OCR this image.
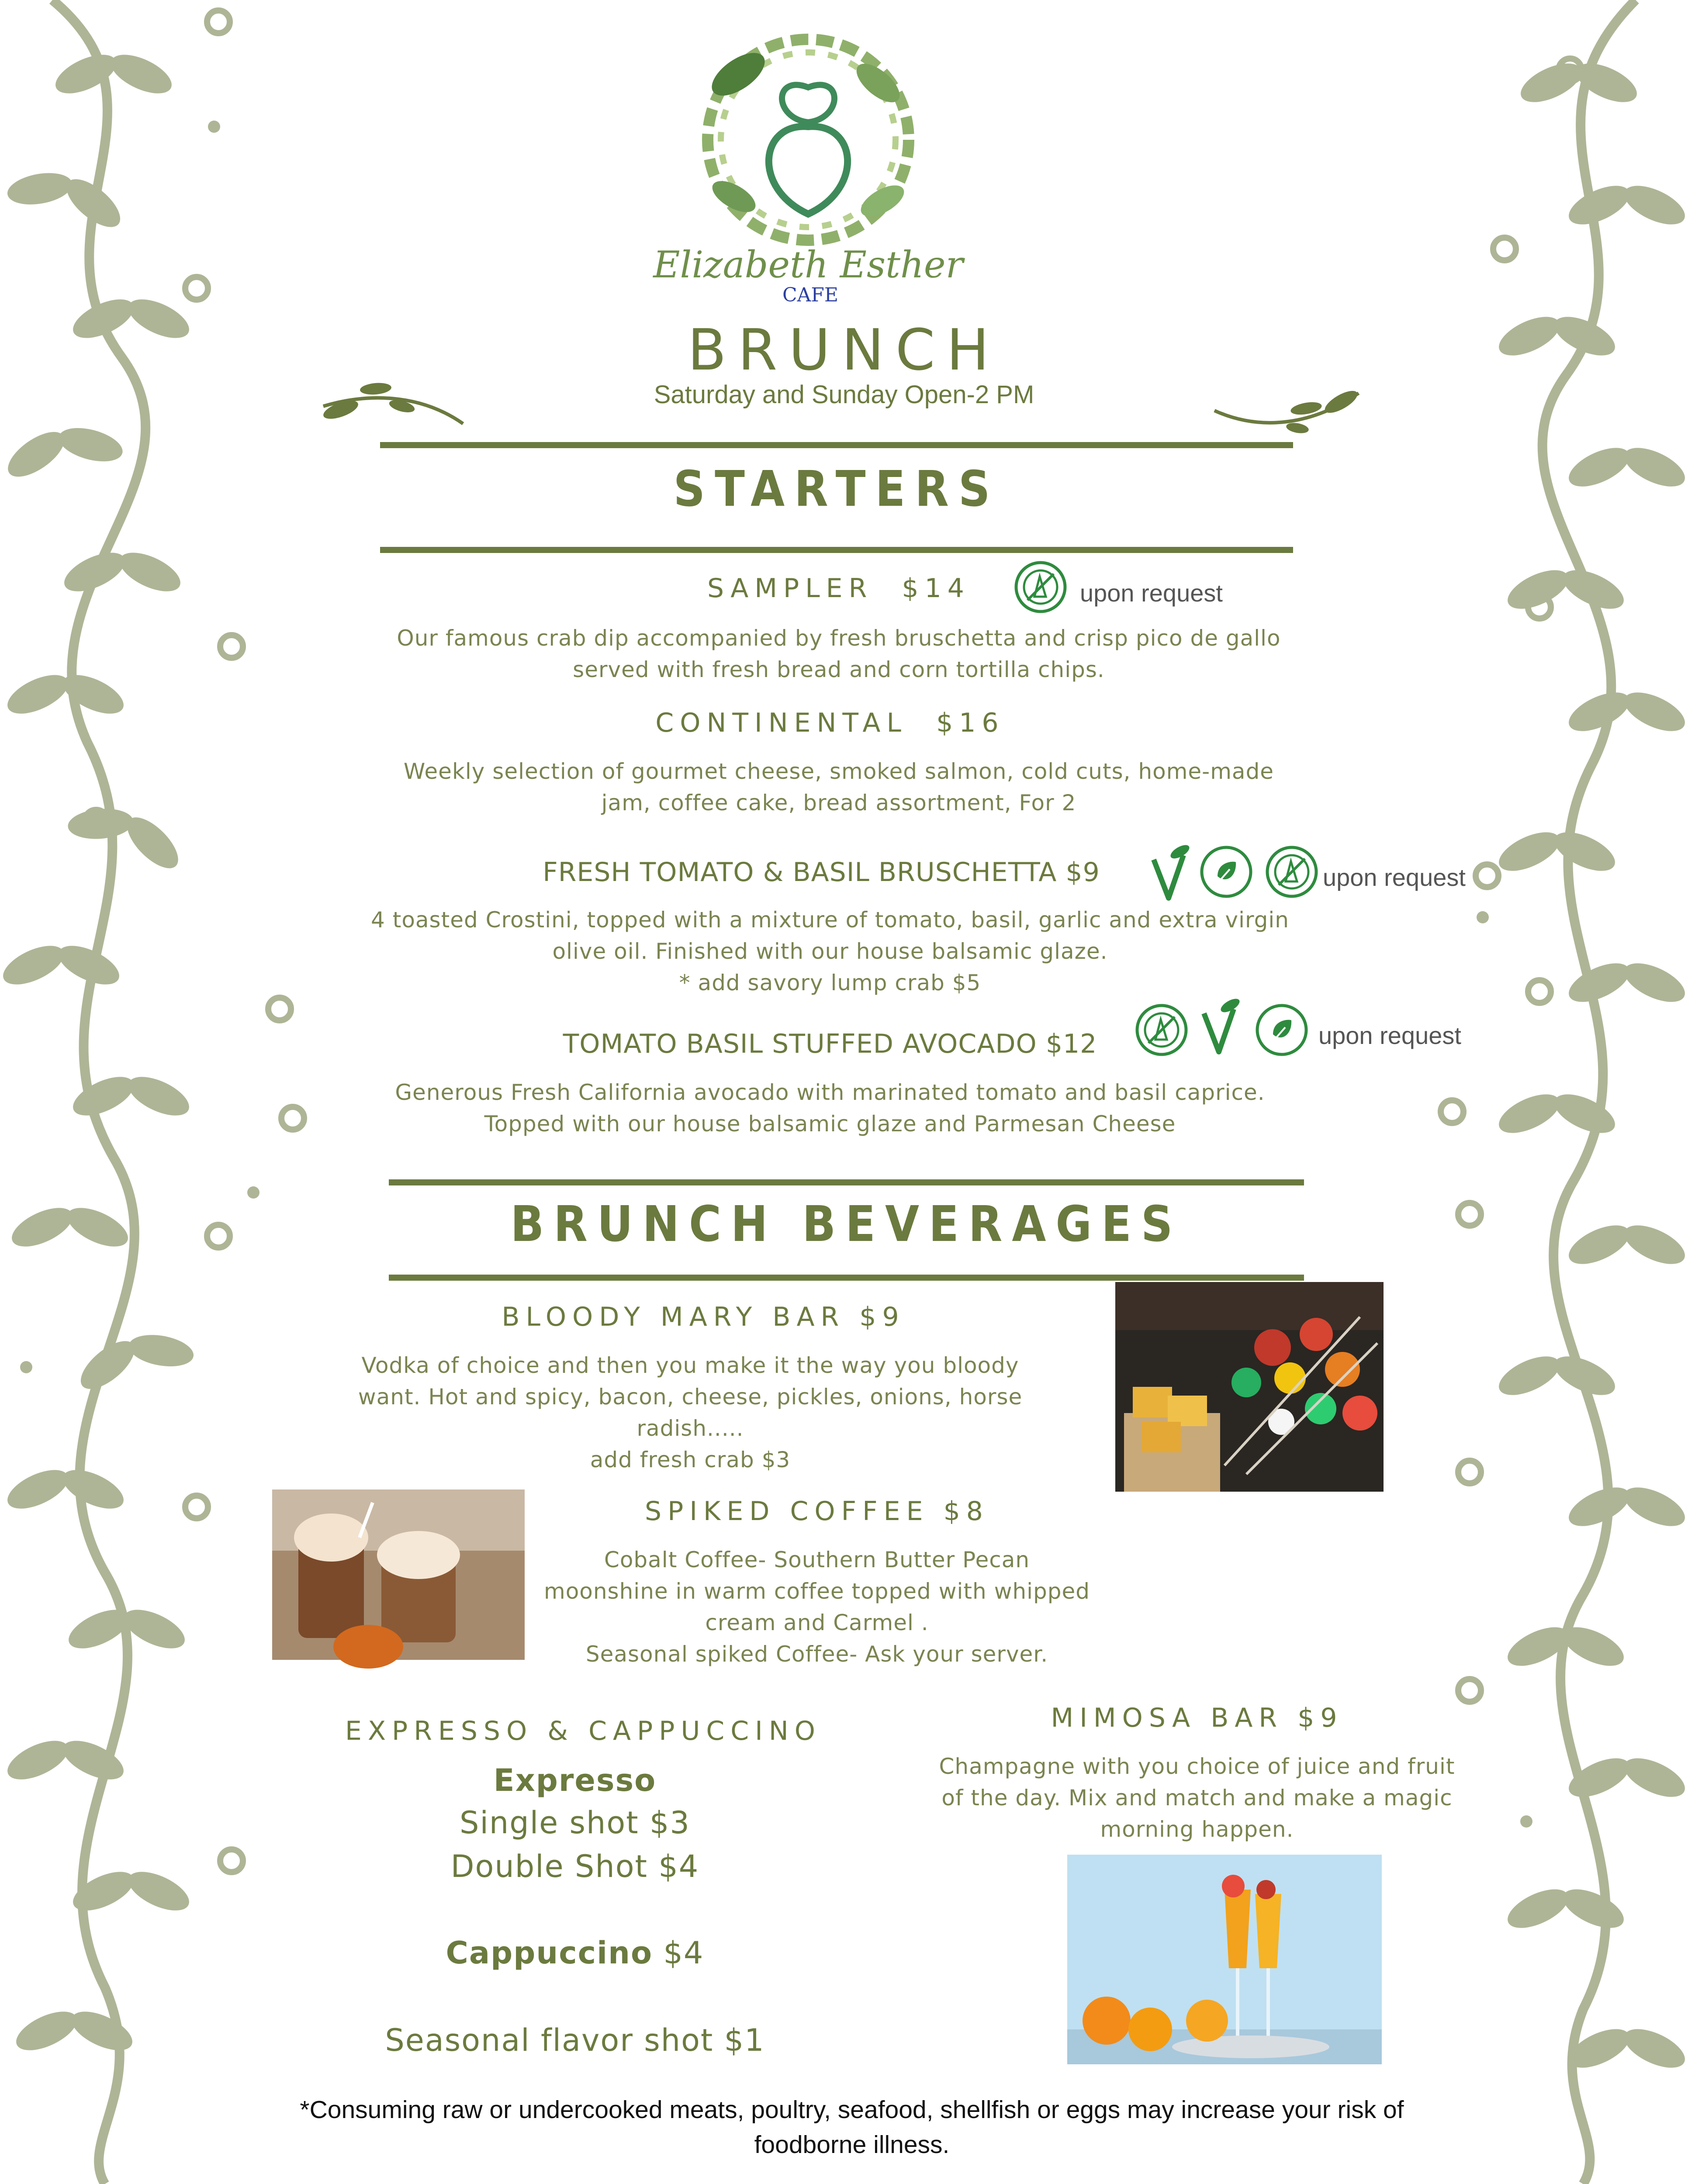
Elizabeth Esther
CAFE
BRUNCH
Saturday and Sunday Open-2 PM
STARTERS
SAMPLER $14	upon request
Our famous crab dip accompanied by fresh bruschetta and crisp pico de gallo
served with fresh bread and corn tortilla chips.
CONTINENTAL $16
Weekly selection of gourmet cheese, smoked salmon, cold cuts, home-made
jam, coffee cake, bread assortment, For 2
FRESH TOMATO & BASIL BRUSCHETTA $9	upon request
4 toasted Crostini, topped with a mixture of tomato, basil, garlic and extra virgin
olive oil. Finished with our house balsamic glaze.
* add savory lump crab $5
TOMATO BASIL STUFFED AVOCADO $12	upon request
Generous Fresh California avocado with marinated tomato and basil caprice.
Topped with our house balsamic glaze and Parmesan Cheese
BRUNCH BEVERAGES
BLOODY MARY BAR $9
Vodka of choice and then you make it the way you bloody
want. Hot and spicy, bacon, cheese, pickles, onions, horse
radish.....
add fresh crab $3
SPIKED COFFEE $8
Cobalt Coffee- Southern Butter Pecan
moonshine in warm coffee topped with whipped
cream and Carmel .
Seasonal spiked Coffee- Ask your server.
EXPRESSO & CAPPUCCINO
Expresso
Single shot $3
Double Shot $4
Cappuccino $4
Seasonal flavor shot $1
MIMOSA BAR $9
Champagne with you choice of juice and fruit
of the day. Mix and match and make a magic
morning happen.
*Consuming raw or undercooked meats, poultry, seafood, shellfish or eggs may increase your risk of
foodborne illness.
